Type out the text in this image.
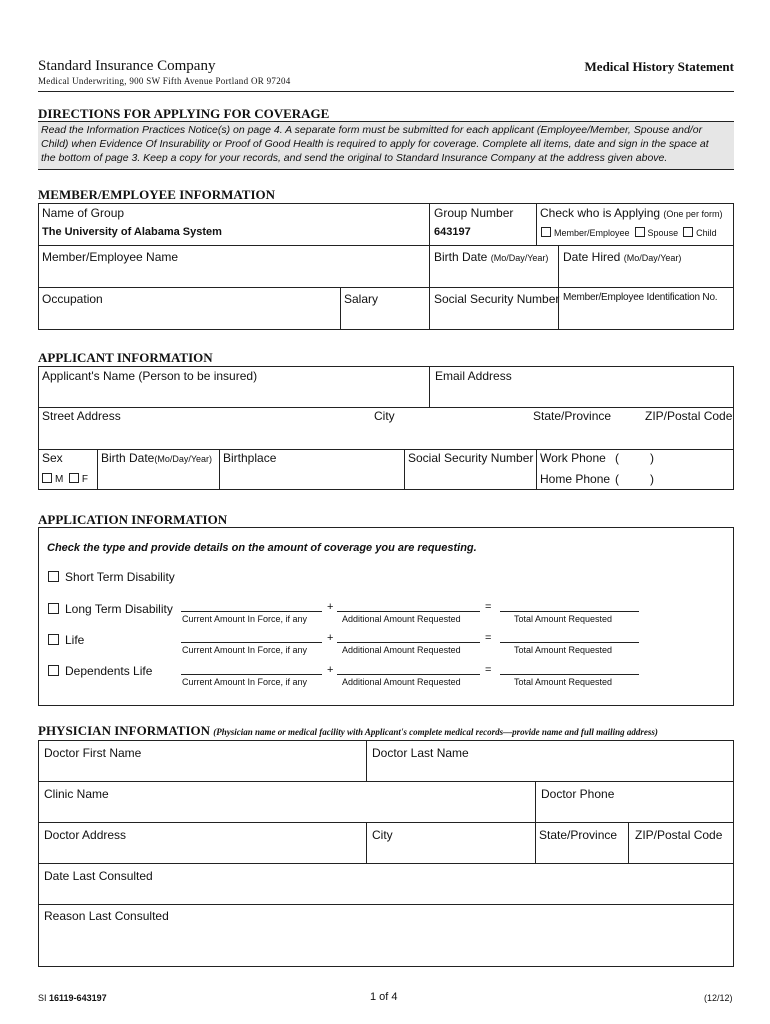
Standard Insurance Company
Medical Underwriting, 900 SW Fifth Avenue Portland OR 97204
Medical History Statement
DIRECTIONS FOR APPLYING FOR COVERAGE
Read the Information Practices Notice(s) on page 4. A separate form must be submitted for each applicant (Employee/Member, Spouse and/or
Child) when Evidence Of Insurability or Proof of Good Health is required to apply for coverage. Complete all items, date and sign in the space at
the bottom of page 3. Keep a copy for your records, and send the original to Standard Insurance Company at the address given above.
MEMBER/EMPLOYEE INFORMATION
Name of Group
The University of Alabama System
Group Number
643197
Check who is Applying (One per form)
Member/Employee Spouse Child
Member/Employee Name	Birth Date (Mo/Day/Year) Date Hired (Mo/Day/Year)
Occupation	Salary	Social Security Number Member/Employee Identification No.
APPLICANT INFORMATION
Applicant's Name (Person to be insured)	Email Address
Street Address	City	State/Province	ZIP/Postal Code
Sex
M F
Birth Date(Mo/Day/Year) Birthplace	Social Security Number Work Phone (	)
Home Phone (	)
APPLICATION INFORMATION
Check the type and provide details on the amount of coverage you are requesting.
Short Term Disability
Long Term Disability	+	=
Current Amount In Force, if any	Additional Amount Requested	Total Amount Requested
Life	+	=
Current Amount In Force, if any	Additional Amount Requested	Total Amount Requested
Dependents Life	+	=
Current Amount In Force, if any	Additional Amount Requested	Total Amount Requested
PHYSICIAN INFORMATION (Physician name or medical facility with Applicant's complete medical records—provide name and full mailing address)
Doctor First Name	Doctor Last Name
Clinic Name	Doctor Phone
Doctor Address	City	State/Province ZIP/Postal Code
Date Last Consulted
Reason Last Consulted
SI 16119-643197	1 of 4	(12/12)
